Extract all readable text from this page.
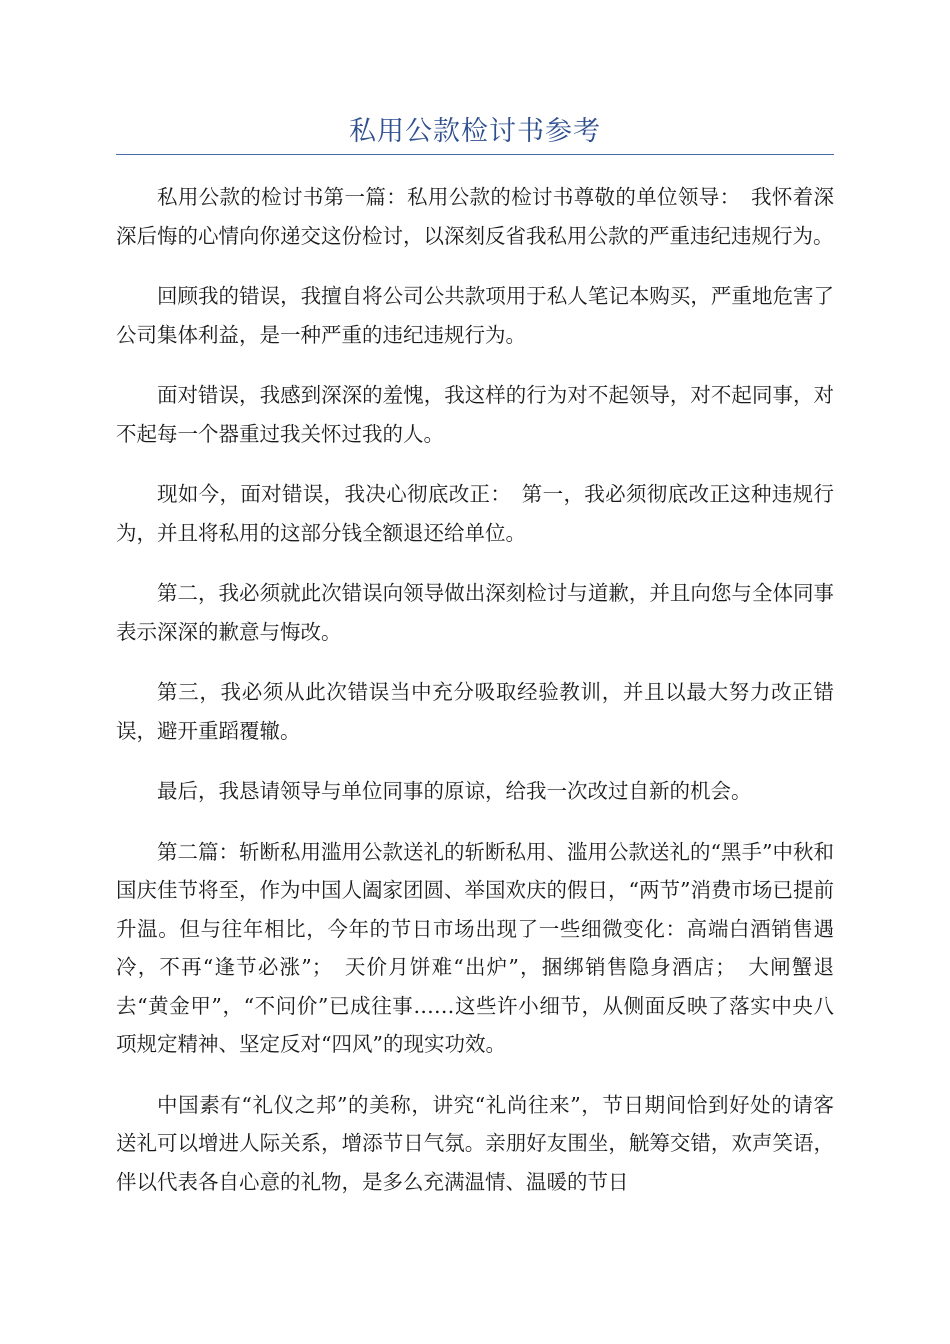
私用公款检讨书参考

私用公款的检讨书第一篇：私用公款的检讨书尊敬的单位领导：　我怀着深深后悔的心情向你递交这份检讨，以深刻反省我私用公款的严重违纪违规行为。

回顾我的错误，我擅自将公司公共款项用于私人笔记本购买，严重地危害了公司集体利益，是一种严重的违纪违规行为。

面对错误，我感到深深的羞愧，我这样的行为对不起领导，对不起同事，对不起每一个器重过我关怀过我的人。

现如今，面对错误，我决心彻底改正：　第一，我必须彻底改正这种违规行为，并且将私用的这部分钱全额退还给单位。

第二，我必须就此次错误向领导做出深刻检讨与道歉，并且向您与全体同事表示深深的歉意与悔改。

第三，我必须从此次错误当中充分吸取经验教训，并且以最大努力改正错误，避开重蹈覆辙。

最后，我恳请领导与单位同事的原谅，给我一次改过自新的机会。

第二篇：斩断私用滥用公款送礼的斩断私用、滥用公款送礼的“黑手”中秋和国庆佳节将至，作为中国人阖家团圆、举国欢庆的假日，“两节”消费市场已提前升温。但与往年相比，今年的节日市场出现了一些细微变化：高端白酒销售遇冷，不再“逢节必涨”；　天价月饼难“出炉”，捆绑销售隐身酒店；　大闸蟹退去“黄金甲”，“不问价”已成往事……这些许小细节，从侧面反映了落实中央八项规定精神、坚定反对“四风”的现实功效。

中国素有“礼仪之邦”的美称，讲究“礼尚往来”，节日期间恰到好处的请客送礼可以增进人际关系，增添节日气氛。亲朋好友围坐，觥筹交错，欢声笑语，伴以代表各自心意的礼物，是多么充满温情、温暖的节日
